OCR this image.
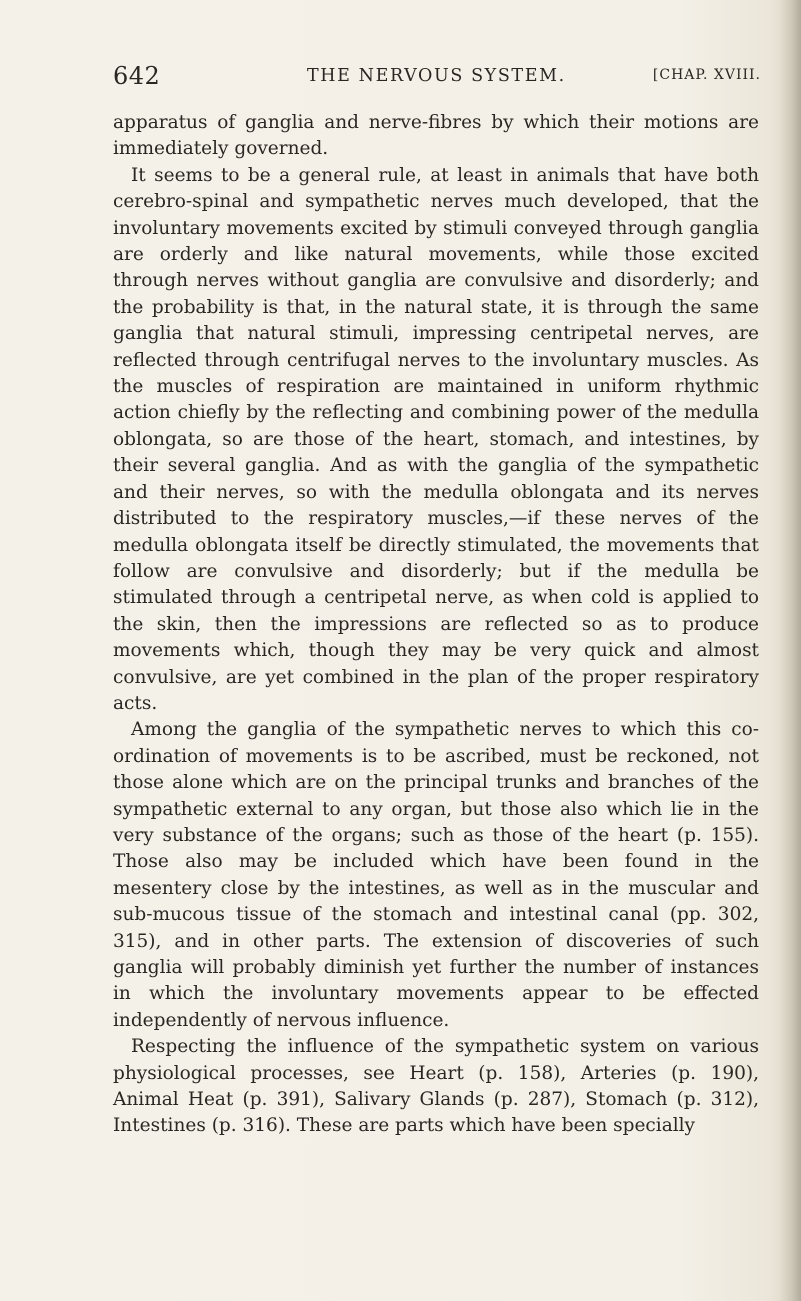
642	THE NERVOUS SYSTEM.	[CHAP. XVIII.

apparatus of ganglia and nerve-fibres by which their motions are immediately governed.

It seems to be a general rule, at least in animals that have both cerebro-spinal and sympathetic nerves much developed, that the involuntary movements excited by stimuli conveyed through ganglia are orderly and like natural movements, while those excited through nerves without ganglia are convulsive and disorderly; and the probability is that, in the natural state, it is through the same ganglia that natural stimuli, impressing centripetal nerves, are reflected through centrifugal nerves to the involuntary muscles. As the muscles of respiration are maintained in uniform rhythmic action chiefly by the reflecting and combining power of the medulla oblongata, so are those of the heart, stomach, and intestines, by their several ganglia. And as with the ganglia of the sympathetic and their nerves, so with the medulla oblongata and its nerves distributed to the respiratory muscles,—if these nerves of the medulla oblongata itself be directly stimulated, the movements that follow are convulsive and disorderly; but if the medulla be stimulated through a centripetal nerve, as when cold is applied to the skin, then the impressions are reflected so as to produce movements which, though they may be very quick and almost convulsive, are yet combined in the plan of the proper respiratory acts.

Among the ganglia of the sympathetic nerves to which this co-ordination of movements is to be ascribed, must be reckoned, not those alone which are on the principal trunks and branches of the sympathetic external to any organ, but those also which lie in the very substance of the organs; such as those of the heart (p. 155). Those also may be included which have been found in the mesentery close by the intestines, as well as in the muscular and sub-mucous tissue of the stomach and intestinal canal (pp. 302, 315), and in other parts. The extension of discoveries of such ganglia will probably diminish yet further the number of instances in which the involuntary movements appear to be effected independently of nervous influence.

Respecting the influence of the sympathetic system on various physiological processes, see Heart (p. 158), Arteries (p. 190), Animal Heat (p. 391), Salivary Glands (p. 287), Stomach (p. 312), Intestines (p. 316). These are parts which have been specially
